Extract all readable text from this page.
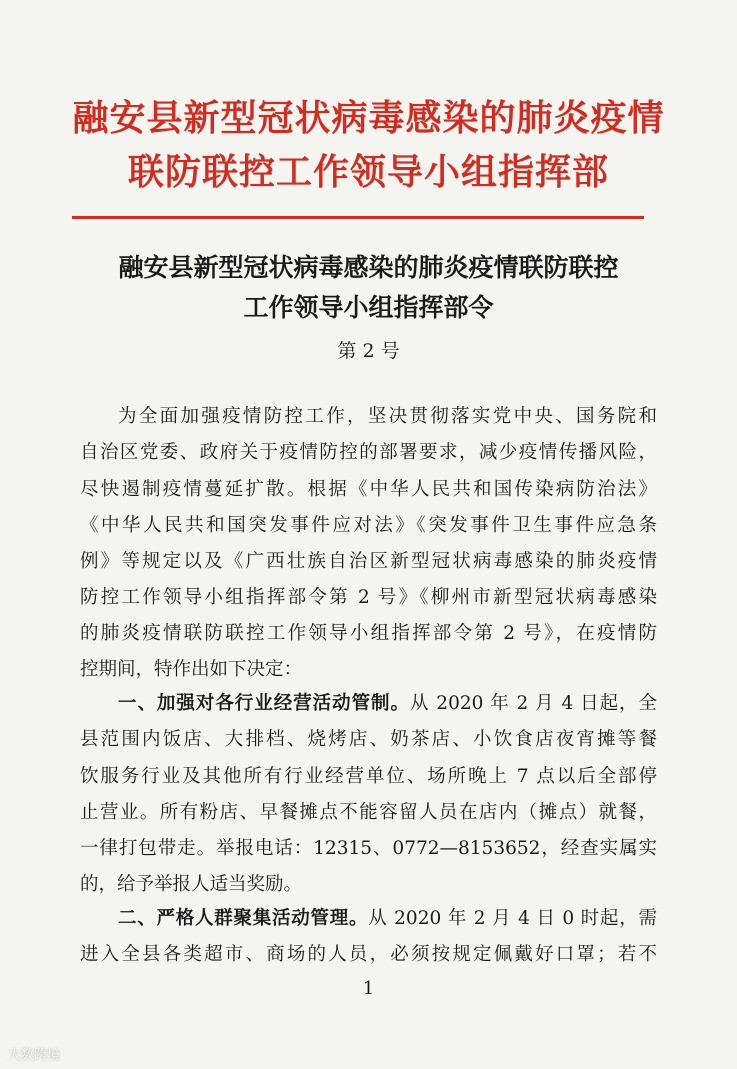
融安县新型冠状病毒感染的肺炎疫情
联防联控工作领导小组指挥部
融安县新型冠状病毒感染的肺炎疫情联防联控
工作领导小组指挥部令
第 2 号
为全面加强疫情防控工作，坚决贯彻落实党中央、国务院和
自治区党委、政府关于疫情防控的部署要求，减少疫情传播风险，
尽快遏制疫情蔓延扩散。根据《中华人民共和国传染病防治法》
《中华人民共和国突发事件应对法》《突发事件卫生事件应急条
例》等规定以及《广西壮族自治区新型冠状病毒感染的肺炎疫情
防控工作领导小组指挥部令第 2 号》《柳州市新型冠状病毒感染
的肺炎疫情联防联控工作领导小组指挥部令第 2 号》，在疫情防
控期间，特作出如下决定：
一、加强对各行业经营活动管制。从 2020 年 2 月 4 日起，全
县范围内饭店、大排档、烧烤店、奶茶店、小饮食店夜宵摊等餐
饮服务行业及其他所有行业经营单位、场所晚上 7 点以后全部停
止营业。所有粉店、早餐摊点不能容留人员在店内（摊点）就餐，
一律打包带走。举报电话：12315、0772—8153652，经查实属实
的，给予举报人适当奖励。
二、严格人群聚集活动管理。从 2020 年 2 月 4 日 0 时起，需
进入全县各类超市、商场的人员，必须按规定佩戴好口罩；若不
1
大数跨境
